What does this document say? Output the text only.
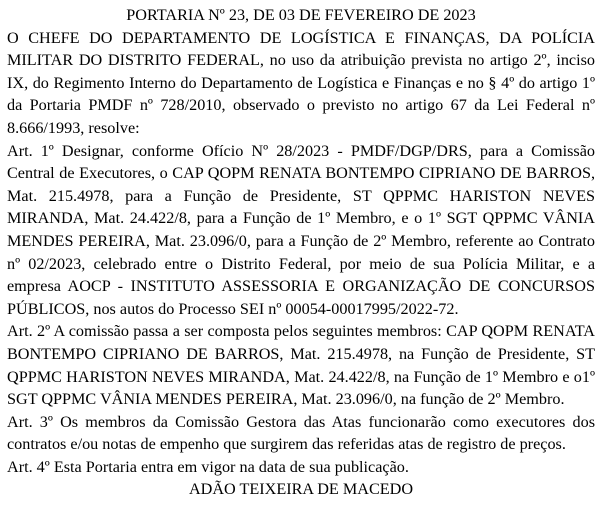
PORTARIA Nº 23, DE 03 DE FEVEREIRO DE 2023

O CHEFE DO DEPARTAMENTO DE LOGÍSTICA E FINANÇAS, DA POLÍCIA MILITAR DO DISTRITO FEDERAL, no uso da atribuição prevista no artigo 2º, inciso IX, do Regimento Interno do Departamento de Logística e Finanças e no § 4º do artigo 1º da Portaria PMDF nº 728/2010, observado o previsto no artigo 67 da Lei Federal nº 8.666/1993, resolve:

Art. 1º Designar, conforme Ofício Nº 28/2023 - PMDF/DGP/DRS, para a Comissão Central de Executores, o CAP QOPM RENATA BONTEMPO CIPRIANO DE BARROS, Mat. 215.4978, para a Função de Presidente, ST QPPMC HARISTON NEVES MIRANDA, Mat. 24.422/8, para a Função de 1º Membro, e o 1º SGT QPPMC VÂNIA MENDES PEREIRA, Mat. 23.096/0, para a Função de 2º Membro, referente ao Contrato nº 02/2023, celebrado entre o Distrito Federal, por meio de sua Polícia Militar, e a empresa AOCP - INSTITUTO ASSESSORIA E ORGANIZAÇÃO DE CONCURSOS PÚBLICOS, nos autos do Processo SEI nº 00054-00017995/2022-72.

Art. 2º A comissão passa a ser composta pelos seguintes membros: CAP QOPM RENATA BONTEMPO CIPRIANO DE BARROS, Mat. 215.4978, na Função de Presidente, ST QPPMC HARISTON NEVES MIRANDA, Mat. 24.422/8, na Função de 1º Membro e o1º SGT QPPMC VÂNIA MENDES PEREIRA, Mat. 23.096/0, na função de 2º Membro.

Art. 3º Os membros da Comissão Gestora das Atas funcionarão como executores dos contratos e/ou notas de empenho que surgirem das referidas atas de registro de preços.

Art. 4º Esta Portaria entra em vigor na data de sua publicação.

ADÃO TEIXEIRA DE MACEDO
